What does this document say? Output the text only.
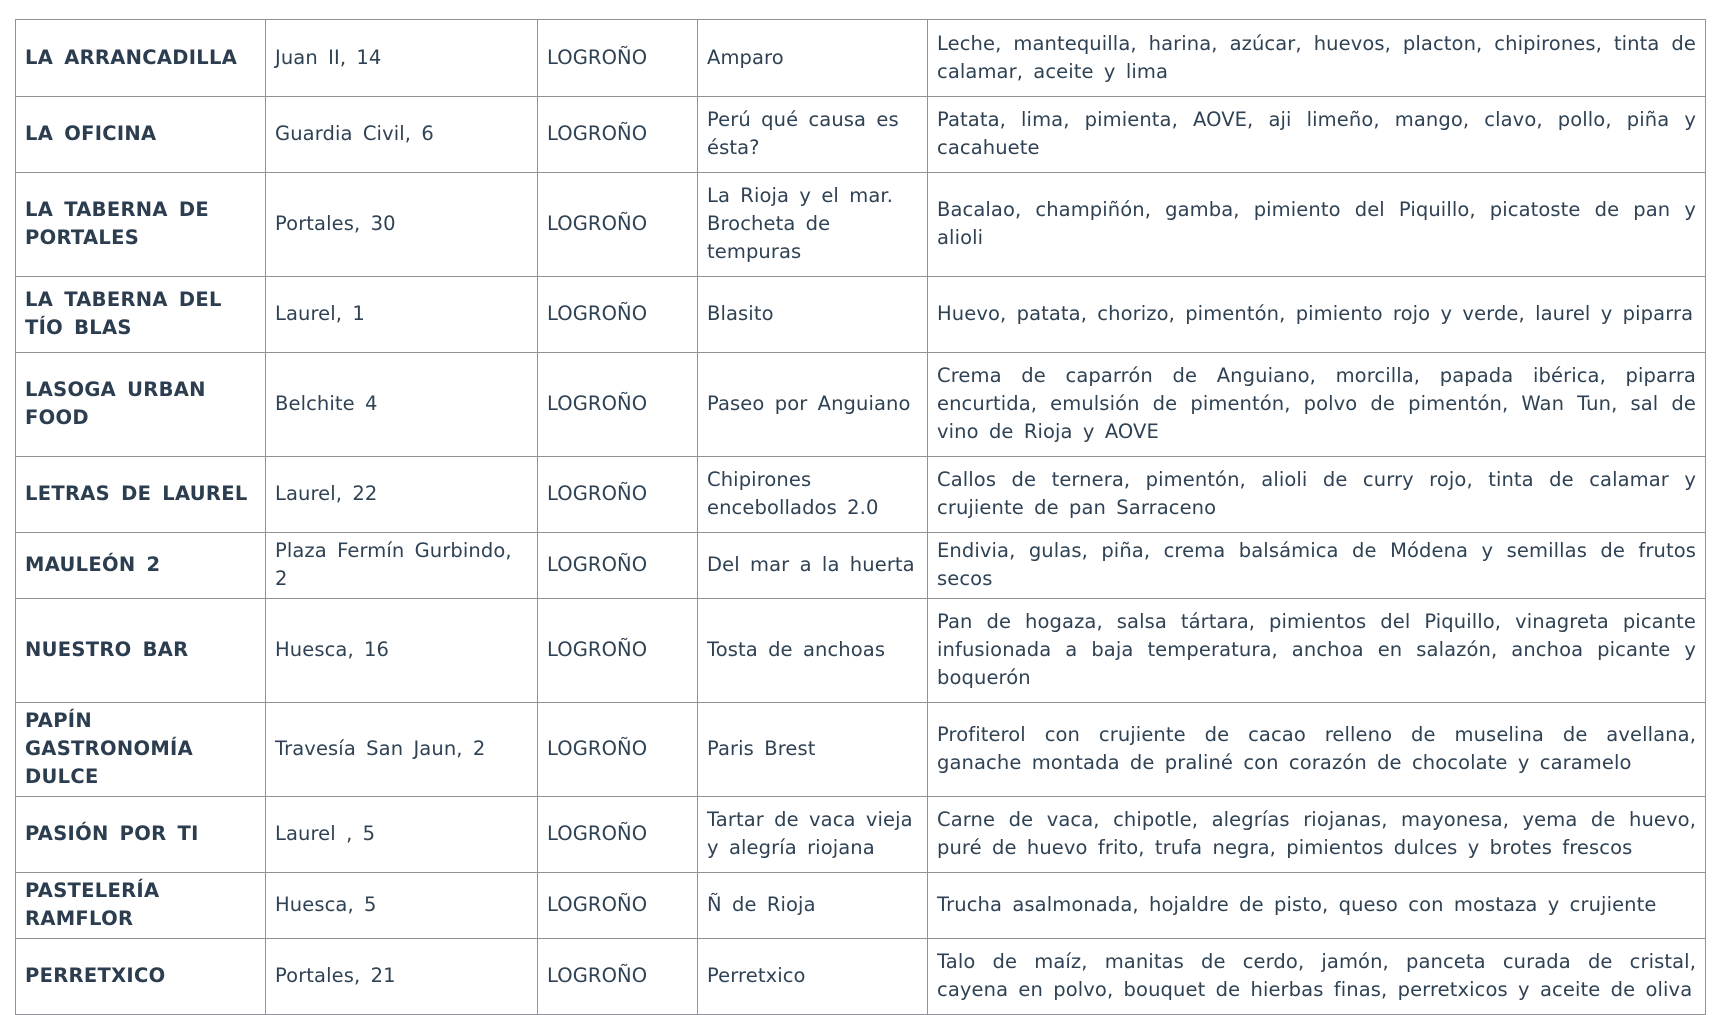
LA ARRANCADILLA	Juan II, 14	LOGROÑO	Amparo	Leche, mantequilla, harina, azúcar, huevos, placton, chipirones, tinta de calamar, aceite y lima
LA OFICINA	Guardia Civil, 6	LOGROÑO	Perú qué causa es ésta?	Patata, lima, pimienta, AOVE, aji limeño, mango, clavo, pollo, piña y cacahuete
LA TABERNA DE PORTALES	Portales, 30	LOGROÑO	La Rioja y el mar. Brocheta de tempuras	Bacalao, champiñón, gamba, pimiento del Piquillo, picatoste de pan y alioli
LA TABERNA DEL TÍO BLAS	Laurel, 1	LOGROÑO	Blasito	Huevo, patata, chorizo, pimentón, pimiento rojo y verde, laurel y piparra
LASOGA URBAN FOOD	Belchite 4	LOGROÑO	Paseo por Anguiano	Crema de caparrón de Anguiano, morcilla, papada ibérica, piparra encurtida, emulsión de pimentón, polvo de pimentón, Wan Tun, sal de vino de Rioja y AOVE
LETRAS DE LAUREL	Laurel, 22	LOGROÑO	Chipirones encebollados 2.0	Callos de ternera, pimentón, alioli de curry rojo, tinta de calamar y crujiente de pan Sarraceno
MAULEÓN 2	Plaza Fermín Gurbindo, 2	LOGROÑO	Del mar a la huerta	Endivia, gulas, piña, crema balsámica de Módena y semillas de frutos secos
NUESTRO BAR	Huesca, 16	LOGROÑO	Tosta de anchoas	Pan de hogaza, salsa tártara, pimientos del Piquillo, vinagreta picante infusionada a baja temperatura, anchoa en salazón, anchoa picante y boquerón
PAPÍN GASTRONOMÍA DULCE	Travesía San Jaun, 2	LOGROÑO	Paris Brest	Profiterol con crujiente de cacao relleno de muselina de avellana, ganache montada de praliné con corazón de chocolate y caramelo
PASIÓN POR TI	Laurel , 5	LOGROÑO	Tartar de vaca vieja y alegría riojana	Carne de vaca, chipotle, alegrías riojanas, mayonesa, yema de huevo, puré de huevo frito, trufa negra, pimientos dulces y brotes frescos
PASTELERÍA RAMFLOR	Huesca, 5	LOGROÑO	Ñ de Rioja	Trucha asalmonada, hojaldre de pisto, queso con mostaza y crujiente
PERRETXICO	Portales, 21	LOGROÑO	Perretxico	Talo de maíz, manitas de cerdo, jamón, panceta curada de cristal, cayena en polvo, bouquet de hierbas finas, perretxicos y aceite de oliva
